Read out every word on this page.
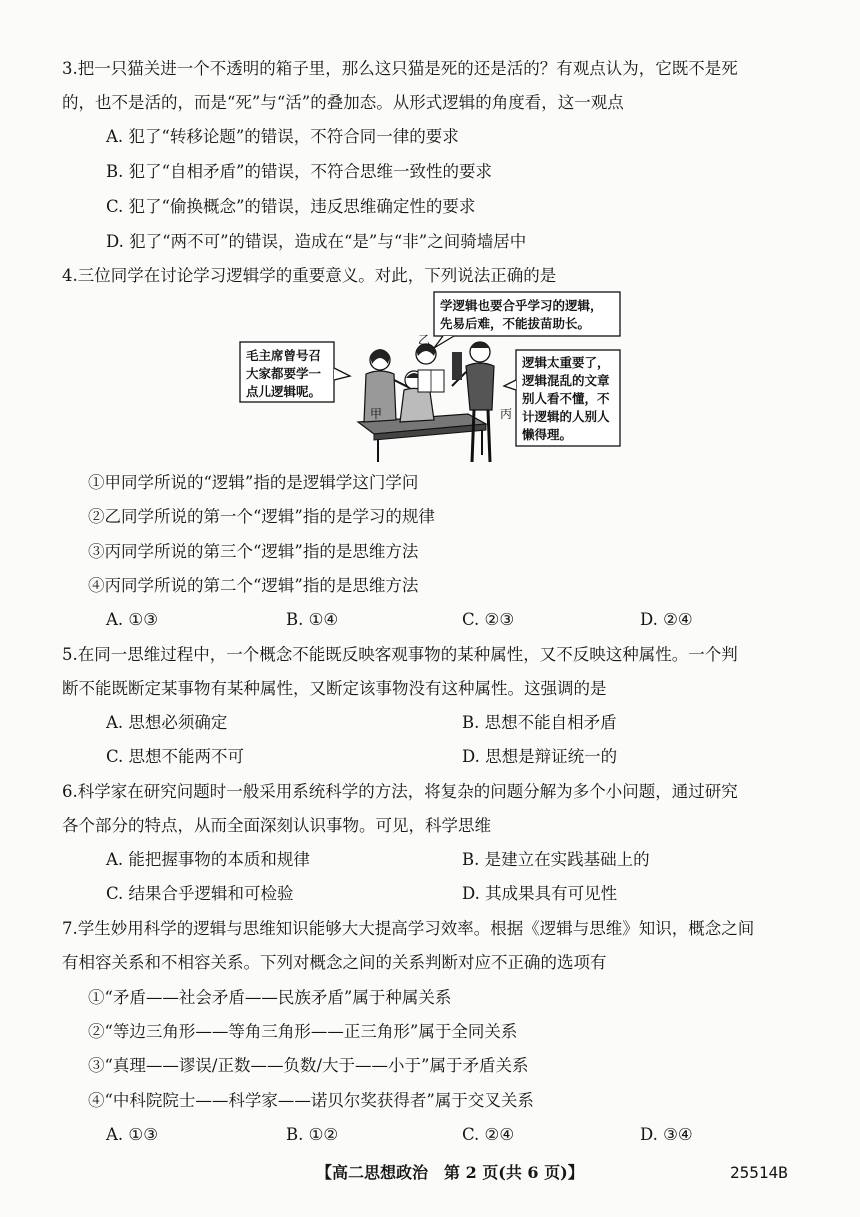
3.把一只猫关进一个不透明的箱子里，那么这只猫是死的还是活的？有观点认为，它既不是死
的，也不是活的，而是“死”与“活”的叠加态。从形式逻辑的角度看，这一观点
A. 犯了“转移论题”的错误，不符合同一律的要求
B. 犯了“自相矛盾”的错误，不符合思维一致性的要求
C. 犯了“偷换概念”的错误，违反思维确定性的要求
D. 犯了“两不可”的错误，造成在“是”与“非”之间骑墙居中
4.三位同学在讨论学习逻辑学的重要意义。对此，下列说法正确的是
学逻辑也要合乎学习的逻辑，
先易后难，不能拔苗助长。
毛主席曾号召
大家都要学一
点儿逻辑呢。
逻辑太重要了，
逻辑混乱的文章
别人看不懂，不
计逻辑的人别人
懒得理。
甲
乙
丙
①甲同学所说的“逻辑”指的是逻辑学这门学问
②乙同学所说的第一个“逻辑”指的是学习的规律
③丙同学所说的第三个“逻辑”指的是思维方法
④丙同学所说的第二个“逻辑”指的是思维方法
A. ①③	B. ①④	C. ②③	D. ②④
5.在同一思维过程中，一个概念不能既反映客观事物的某种属性，又不反映这种属性。一个判
断不能既断定某事物有某种属性，又断定该事物没有这种属性。这强调的是
A. 思想必须确定	B. 思想不能自相矛盾
C. 思想不能两不可	D. 思想是辩证统一的
6.科学家在研究问题时一般采用系统科学的方法，将复杂的问题分解为多个小问题，通过研究
各个部分的特点，从而全面深刻认识事物。可见，科学思维
A. 能把握事物的本质和规律	B. 是建立在实践基础上的
C. 结果合乎逻辑和可检验	D. 其成果具有可见性
7.学生妙用科学的逻辑与思维知识能够大大提高学习效率。根据《逻辑与思维》知识，概念之间
有相容关系和不相容关系。下列对概念之间的关系判断对应不正确的选项有
①“矛盾——社会矛盾——民族矛盾”属于种属关系
②“等边三角形——等角三角形——正三角形”属于全同关系
③“真理——谬误/正数——负数/大于——小于”属于矛盾关系
④“中科院院士——科学家——诺贝尔奖获得者”属于交叉关系
A. ①③	B. ①②	C. ②④	D. ③④
【高二思想政治　第 2 页(共 6 页)】	25514B
